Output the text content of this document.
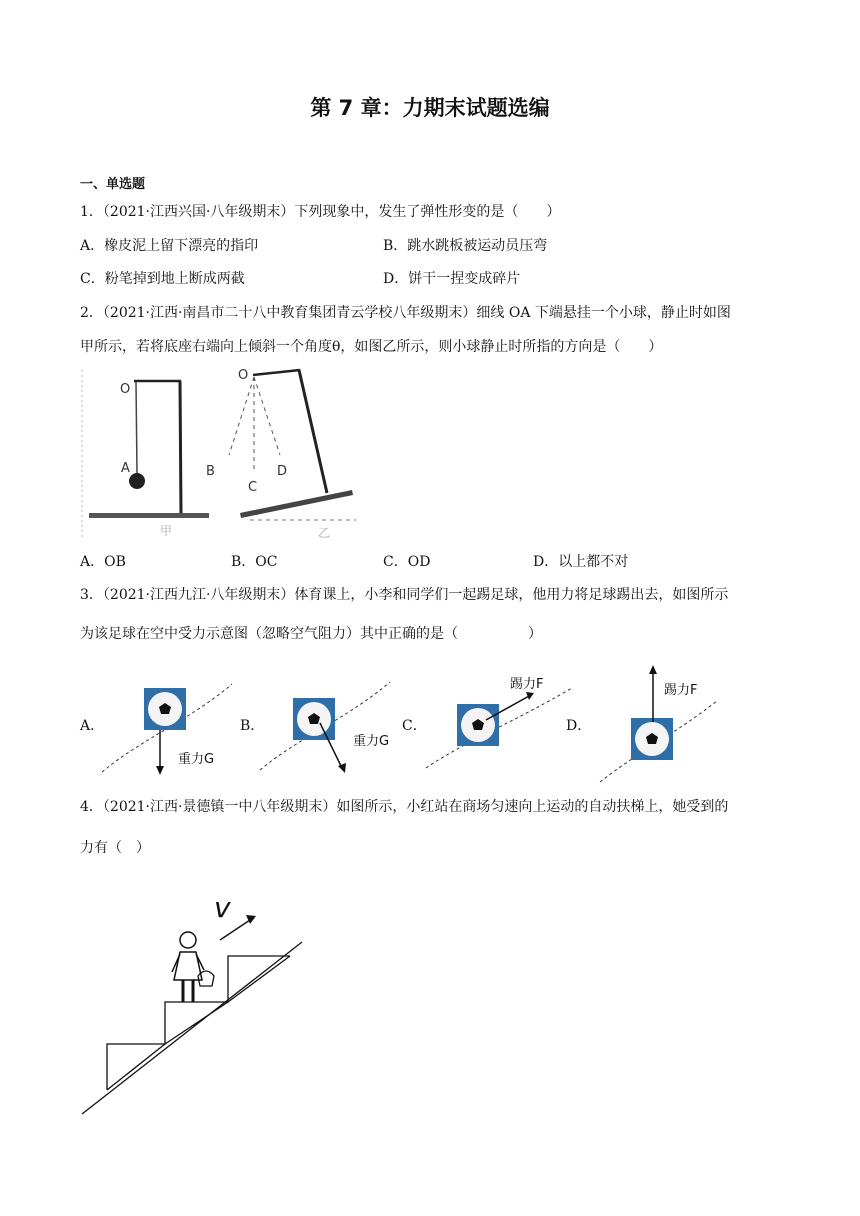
第 7 章：力期末试题选编
一、单选题
1．（2021·江西兴国·八年级期末）下列现象中，发生了弹性形变的是（　　）
A．橡皮泥上留下漂亮的指印	B．跳水跳板被运动员压弯
C．粉笔掉到地上断成两截	D．饼干一捏变成碎片
2．（2021·江西·南昌市二十八中教育集团青云学校八年级期末）细线 OA 下端悬挂一个小球，静止时如图
甲所示，若将底座右端向上倾斜一个角度θ，如图乙所示，则小球静止时所指的方向是（　　）
O
A
甲
O
B
C
D
乙
A．OB	B．OC	C．OD	D．以上都不对
3．（2021·江西九江·八年级期末）体育课上，小李和同学们一起踢足球，他用力将足球踢出去，如图所示
为该足球在空中受力示意图（忽略空气阻力）其中正确的是（　　　　　）
A．
重力G
B．
重力G
C．
踢力F
D．
踢力F
4．（2021·江西·景德镇一中八年级期末）如图所示，小红站在商场匀速向上运动的自动扶梯上，她受到的
力有（　）
v
